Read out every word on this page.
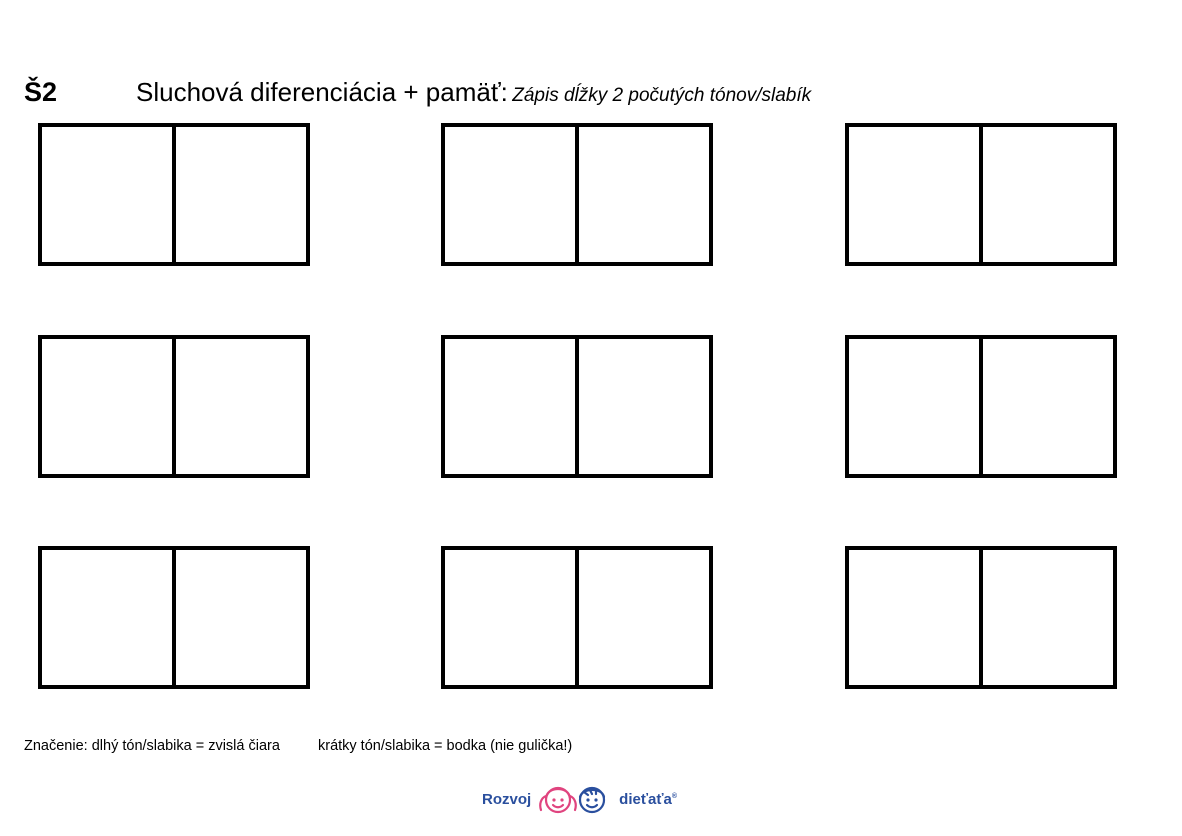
Š2	Sluchová diferenciácia + pamäť: Zápis dĺžky 2 počutých tónov/slabík
Značenie: dlhý tón/slabika = zvislá čiara	krátky tón/slabika = bodka (nie gulička!)
Rozvoj	dieťaťa®
